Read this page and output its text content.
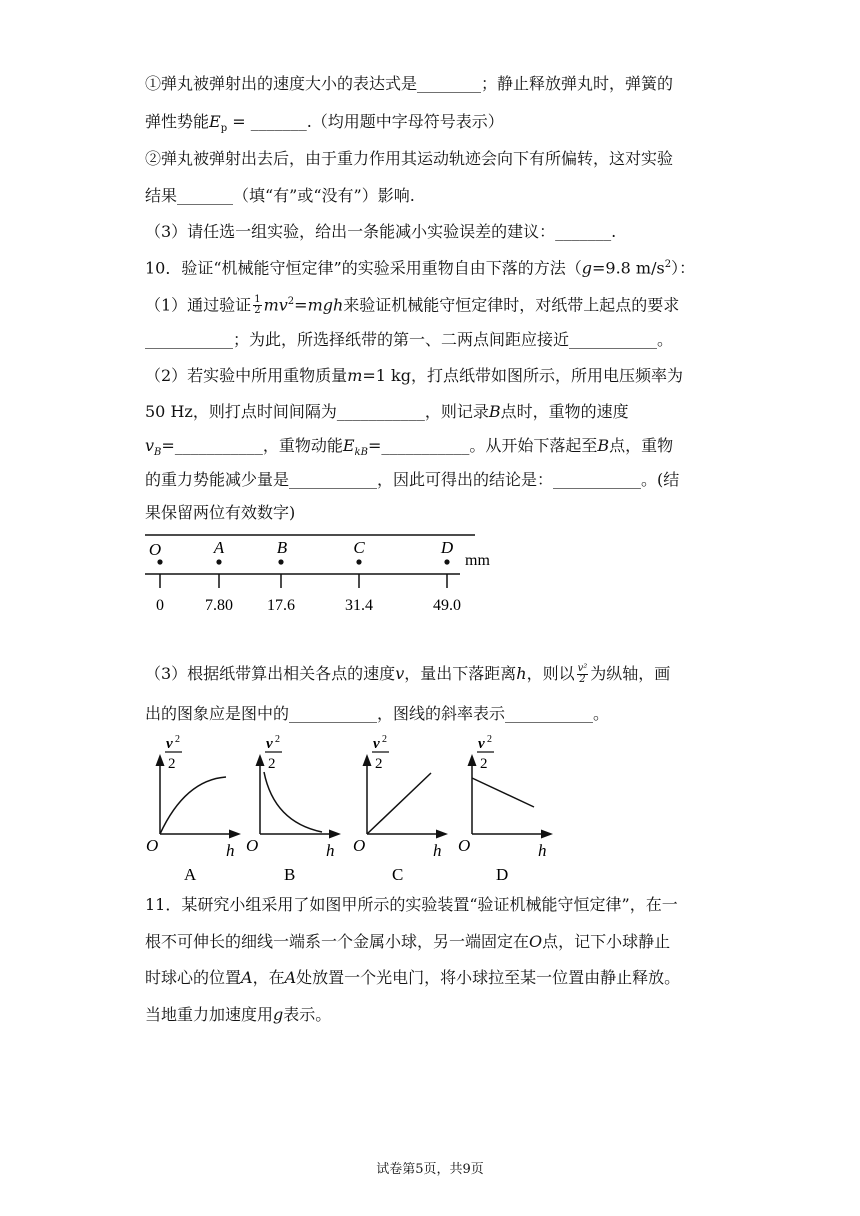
①弹丸被弹射出的速度大小的表达式是________；静止释放弹丸时，弹簧的
弹性势能$E_p$ = _______.（均用题中字母符号表示）
②弹丸被弹射出去后，由于重力作用其运动轨迹会向下有所偏转，这对实验
结果_______（填“有”或“没有”）影响.
（3）请任选一组实验，给出一条能减小实验误差的建议：_______.
10．验证“机械能守恒定律”的实验采用重物自由下落的方法（g=9.8 $m/s^2$）：
（1）通过验证 $\frac{1}{2} mv^2=mgh$来验证机械能守恒定律时，对纸带上起点的要求
___________；为此，所选择纸带的第一、二两点间距应接近___________。
（2）若实验中所用重物质量m=1 kg，打点纸带如图所示，所用电压频率为
50 Hz，则打点时间间隔为___________，则记录B点时，重物的速度
$v_B=\_\_\_\_\_\_\_\_\_\_\_$，重物动能$E_{kB}=\_\_\_\_\_\_\_\_\_\_\_$。从开始下落起至B点，重物
的重力势能减少量是___________，因此可得出的结论是：___________。(结
果保留两位有效数字)
O	A	B	C	D
mm
0	7.80 17.6	31.4	49.0
（3）根据纸带算出相关各点的速度v，量出下落距离h，则以 $\frac{\text{v²}}{2}$ 为纵轴，画
出的图象应是图中的___________，图线的斜率表示___________。
v 2
2
O	h
A
v 2
2
O	h
B
v 2
2
O	h
C
v 2
2
O	h
D
11．某研究小组采用了如图甲所示的实验装置“验证机械能守恒定律”，在一
根不可伸长的细线一端系一个金属小球，另一端固定在O点，记下小球静止
时球心的位置A，在A处放置一个光电门，将小球拉至某一位置由静止释放。
当地重力加速度用g表示。
试卷第5页，共9页
